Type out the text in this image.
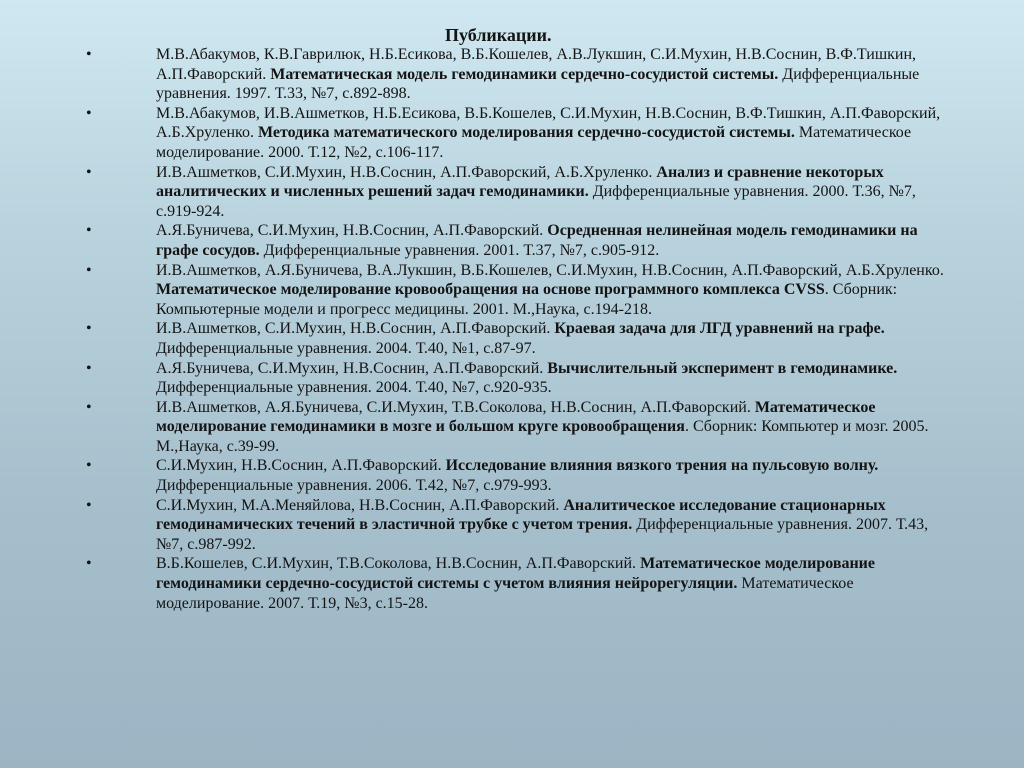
Публикации.
•	М.В.Абакумов, К.В.Гаврилюк, Н.Б.Есикова, В.Б.Кошелев, А.В.Лукшин, С.И.Мухин, Н.В.Соснин, В.Ф.Тишкин, А.П.Фаворский. Математическая модель гемодинамики сердечно-сосудистой системы. Дифференциальные уравнения. 1997. Т.33, №7, с.892-898.
•	М.В.Абакумов, И.В.Ашметков, Н.Б.Есикова, В.Б.Кошелев, С.И.Мухин, Н.В.Соснин, В.Ф.Тишкин, А.П.Фаворский, А.Б.Хруленко. Методика математического моделирования сердечно-сосудистой системы. Математическое моделирование. 2000. Т.12, №2, с.106-117.
•	И.В.Ашметков, С.И.Мухин, Н.В.Соснин, А.П.Фаворский, А.Б.Хруленко. Анализ и сравнение некоторых аналитических и численных решений задач гемодинамики. Дифференциальные уравнения. 2000. Т.36, №7, с.919-924.
•	А.Я.Буничева, С.И.Мухин, Н.В.Соснин, А.П.Фаворский. Осредненная нелинейная модель гемодинамики на графе сосудов. Дифференциальные уравнения. 2001. Т.37, №7, с.905-912.
•	И.В.Ашметков, А.Я.Буничева, В.А.Лукшин, В.Б.Кошелев, С.И.Мухин, Н.В.Соснин, А.П.Фаворский, А.Б.Хруленко. Математическое моделирование кровообращения на основе программного комплекса CVSS. Сборник: Компьютерные модели и прогресс медицины. 2001. М.,Наука, с.194-218.
•	И.В.Ашметков, С.И.Мухин, Н.В.Соснин, А.П.Фаворский. Краевая задача для ЛГД уравнений на графе. Дифференциальные уравнения. 2004. Т.40, №1, с.87-97.
•	А.Я.Буничева, С.И.Мухин, Н.В.Соснин, А.П.Фаворский. Вычислительный эксперимент в гемодинамике. Дифференциальные уравнения. 2004. Т.40, №7, с.920-935.
•	И.В.Ашметков, А.Я.Буничева, С.И.Мухин, Т.В.Соколова, Н.В.Соснин, А.П.Фаворский. Математическое моделирование гемодинамики в мозге и большом круге кровообращения. Сборник: Компьютер и мозг. 2005. М.,Наука, с.39-99.
•	С.И.Мухин, Н.В.Соснин, А.П.Фаворский. Исследование влияния вязкого трения на пульсовую волну. Дифференциальные уравнения. 2006. Т.42, №7, с.979-993.
•	С.И.Мухин, М.А.Меняйлова, Н.В.Соснин, А.П.Фаворский. Аналитическое исследование стационарных гемодинамических течений в эластичной трубке с учетом трения. Дифференциальные уравнения. 2007. Т.43, №7, с.987-992.
•	В.Б.Кошелев, С.И.Мухин, Т.В.Соколова, Н.В.Соснин, А.П.Фаворский. Математическое моделирование гемодинамики сердечно-сосудистой системы с учетом влияния нейрорегуляции. Математическое моделирование. 2007. Т.19, №3, с.15-28.
